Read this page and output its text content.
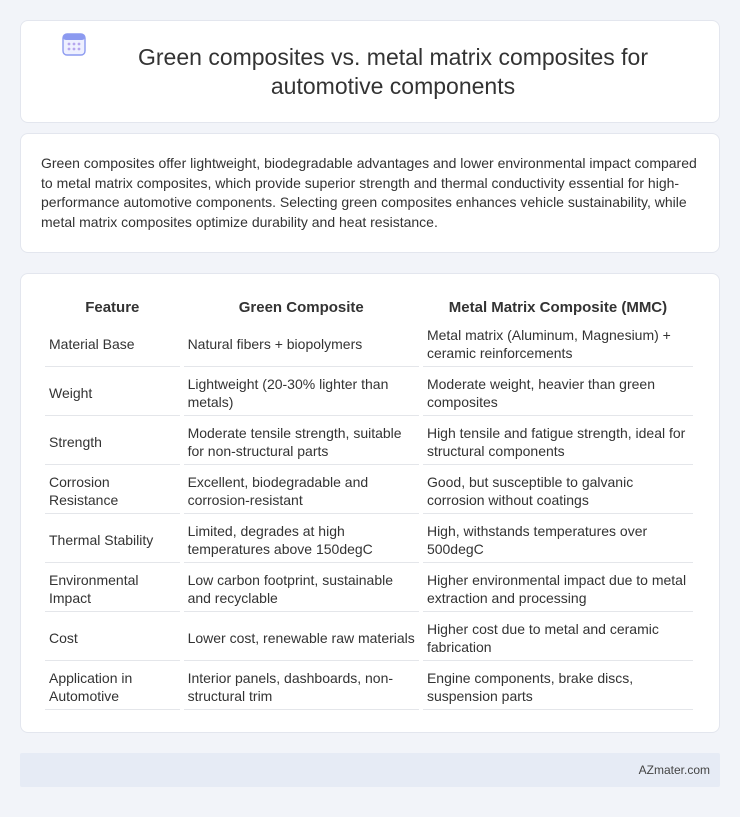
Green composites vs. metal matrix composites for automotive components

Green composites offer lightweight, biodegradable advantages and lower environmental impact compared to metal matrix composites, which provide superior strength and thermal conductivity essential for high-performance automotive components. Selecting green composites enhances vehicle sustainability, while metal matrix composites optimize durability and heat resistance.

Feature	Green Composite	Metal Matrix Composite (MMC)
Material Base	Natural fibers + biopolymers	Metal matrix (Aluminum, Magnesium) + ceramic reinforcements
Weight	Lightweight (20-30% lighter than metals)	Moderate weight, heavier than green composites
Strength	Moderate tensile strength, suitable for non-structural parts	High tensile and fatigue strength, ideal for structural components
Corrosion Resistance	Excellent, biodegradable and corrosion-resistant	Good, but susceptible to galvanic corrosion without coatings
Thermal Stability	Limited, degrades at high temperatures above 150degC	High, withstands temperatures over 500degC
Environmental Impact	Low carbon footprint, sustainable and recyclable	Higher environmental impact due to metal extraction and processing
Cost	Lower cost, renewable raw materials	Higher cost due to metal and ceramic fabrication
Application in Automotive	Interior panels, dashboards, non-structural trim	Engine components, brake discs, suspension parts
AZmater.com
